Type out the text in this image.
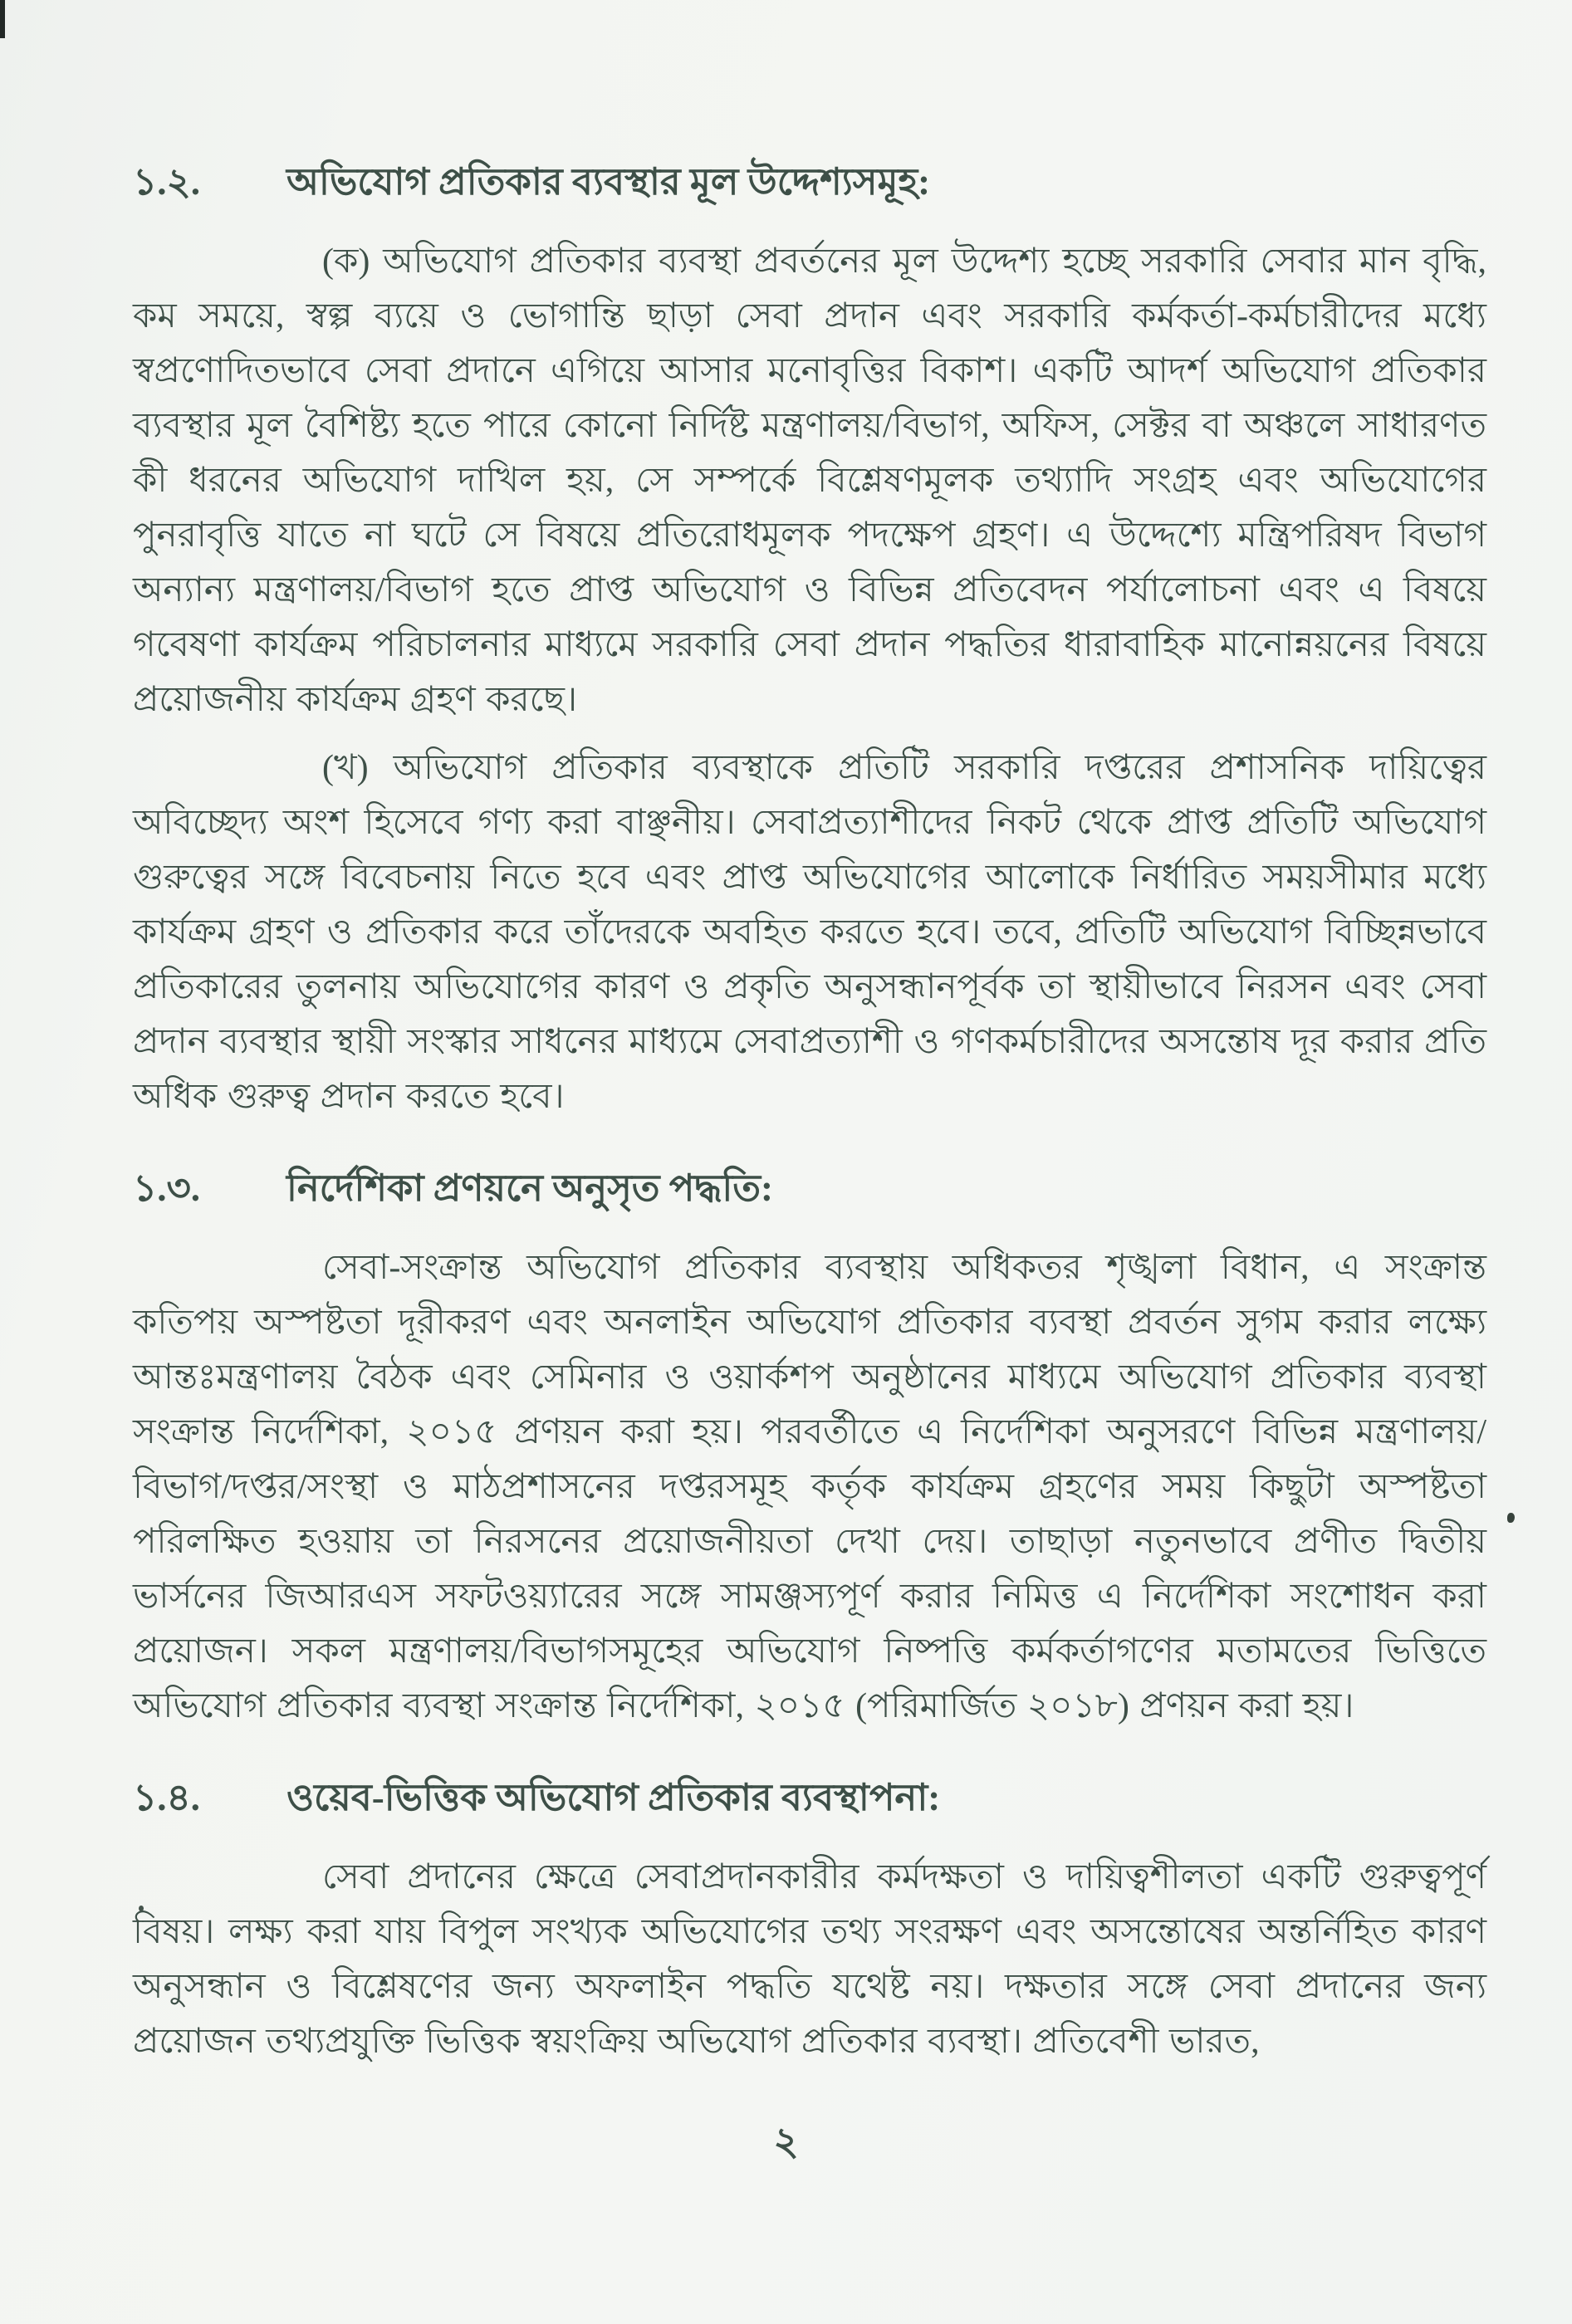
১.২.	অভিযোগ প্রতিকার ব্যবস্থার মূল উদ্দেশ্যসমূহ:

(ক) অভিযোগ প্রতিকার ব্যবস্থা প্রবর্তনের মূল উদ্দেশ্য হচ্ছে সরকারি সেবার মান বৃদ্ধি, কম সময়ে, স্বল্প ব্যয়ে ও ভোগান্তি ছাড়া সেবা প্রদান এবং সরকারি কর্মকর্তা-কর্মচারীদের মধ্যে স্বপ্রণোদিতভাবে সেবা প্রদানে এগিয়ে আসার মনোবৃত্তির বিকাশ। একটি আদর্শ অভিযোগ প্রতিকার ব্যবস্থার মূল বৈশিষ্ট্য হতে পারে কোনো নির্দিষ্ট মন্ত্রণালয়/বিভাগ, অফিস, সেক্টর বা অঞ্চলে সাধারণত কী ধরনের অভিযোগ দাখিল হয়, সে সম্পর্কে বিশ্লেষণমূলক তথ্যাদি সংগ্রহ এবং অভিযোগের পুনরাবৃত্তি যাতে না ঘটে সে বিষয়ে প্রতিরোধমূলক পদক্ষেপ গ্রহণ। এ উদ্দেশ্যে মন্ত্রিপরিষদ বিভাগ অন্যান্য মন্ত্রণালয়/বিভাগ হতে প্রাপ্ত অভিযোগ ও বিভিন্ন প্রতিবেদন পর্যালোচনা এবং এ বিষয়ে গবেষণা কার্যক্রম পরিচালনার মাধ্যমে সরকারি সেবা প্রদান পদ্ধতির ধারাবাহিক মানোন্নয়নের বিষয়ে প্রয়োজনীয় কার্যক্রম গ্রহণ করছে।

(খ) অভিযোগ প্রতিকার ব্যবস্থাকে প্রতিটি সরকারি দপ্তরের প্রশাসনিক দায়িত্বের অবিচ্ছেদ্য অংশ হিসেবে গণ্য করা বাঞ্ছনীয়। সেবাপ্রত্যাশীদের নিকট থেকে প্রাপ্ত প্রতিটি অভিযোগ গুরুত্বের সঙ্গে বিবেচনায় নিতে হবে এবং প্রাপ্ত অভিযোগের আলোকে নির্ধারিত সময়সীমার মধ্যে কার্যক্রম গ্রহণ ও প্রতিকার করে তাঁদেরকে অবহিত করতে হবে। তবে, প্রতিটি অভিযোগ বিচ্ছিন্নভাবে প্রতিকারের তুলনায় অভিযোগের কারণ ও প্রকৃতি অনুসন্ধানপূর্বক তা স্থায়ীভাবে নিরসন এবং সেবা প্রদান ব্যবস্থার স্থায়ী সংস্কার সাধনের মাধ্যমে সেবাপ্রত্যাশী ও গণকর্মচারীদের অসন্তোষ দূর করার প্রতি অধিক গুরুত্ব প্রদান করতে হবে।

১.৩.	নির্দেশিকা প্রণয়নে অনুসৃত পদ্ধতি:

সেবা-সংক্রান্ত অভিযোগ প্রতিকার ব্যবস্থায় অধিকতর শৃঙ্খলা বিধান, এ সংক্রান্ত কতিপয় অস্পষ্টতা দূরীকরণ এবং অনলাইন অভিযোগ প্রতিকার ব্যবস্থা প্রবর্তন সুগম করার লক্ষ্যে আন্তঃমন্ত্রণালয় বৈঠক এবং সেমিনার ও ওয়ার্কশপ অনুষ্ঠানের মাধ্যমে অভিযোগ প্রতিকার ব্যবস্থা সংক্রান্ত নির্দেশিকা, ২০১৫ প্রণয়ন করা হয়। পরবর্তীতে এ নির্দেশিকা অনুসরণে বিভিন্ন মন্ত্রণালয়/বিভাগ/দপ্তর/সংস্থা ও মাঠপ্রশাসনের দপ্তরসমূহ কর্তৃক কার্যক্রম গ্রহণের সময় কিছুটা অস্পষ্টতা পরিলক্ষিত হওয়ায় তা নিরসনের প্রয়োজনীয়তা দেখা দেয়। তাছাড়া নতুনভাবে প্রণীত দ্বিতীয় ভার্সনের জিআরএস সফটওয়্যারের সঙ্গে সামঞ্জস্যপূর্ণ করার নিমিত্ত এ নির্দেশিকা সংশোধন করা প্রয়োজন। সকল মন্ত্রণালয়/বিভাগসমূহের অভিযোগ নিষ্পত্তি কর্মকর্তাগণের মতামতের ভিত্তিতে অভিযোগ প্রতিকার ব্যবস্থা সংক্রান্ত নির্দেশিকা, ২০১৫ (পরিমার্জিত ২০১৮) প্রণয়ন করা হয়।

১.৪.	ওয়েব-ভিত্তিক অভিযোগ প্রতিকার ব্যবস্থাপনা:

সেবা প্রদানের ক্ষেত্রে সেবাপ্রদানকারীর কর্মদক্ষতা ও দায়িত্বশীলতা একটি গুরুত্বপূর্ণ বিষয়। লক্ষ্য করা যায় বিপুল সংখ্যক অভিযোগের তথ্য সংরক্ষণ এবং অসন্তোষের অন্তর্নিহিত কারণ অনুসন্ধান ও বিশ্লেষণের জন্য অফলাইন পদ্ধতি যথেষ্ট নয়। দক্ষতার সঙ্গে সেবা প্রদানের জন্য প্রয়োজন তথ্যপ্রযুক্তি ভিত্তিক স্বয়ংক্রিয় অভিযোগ প্রতিকার ব্যবস্থা। প্রতিবেশী ভারত,

২
